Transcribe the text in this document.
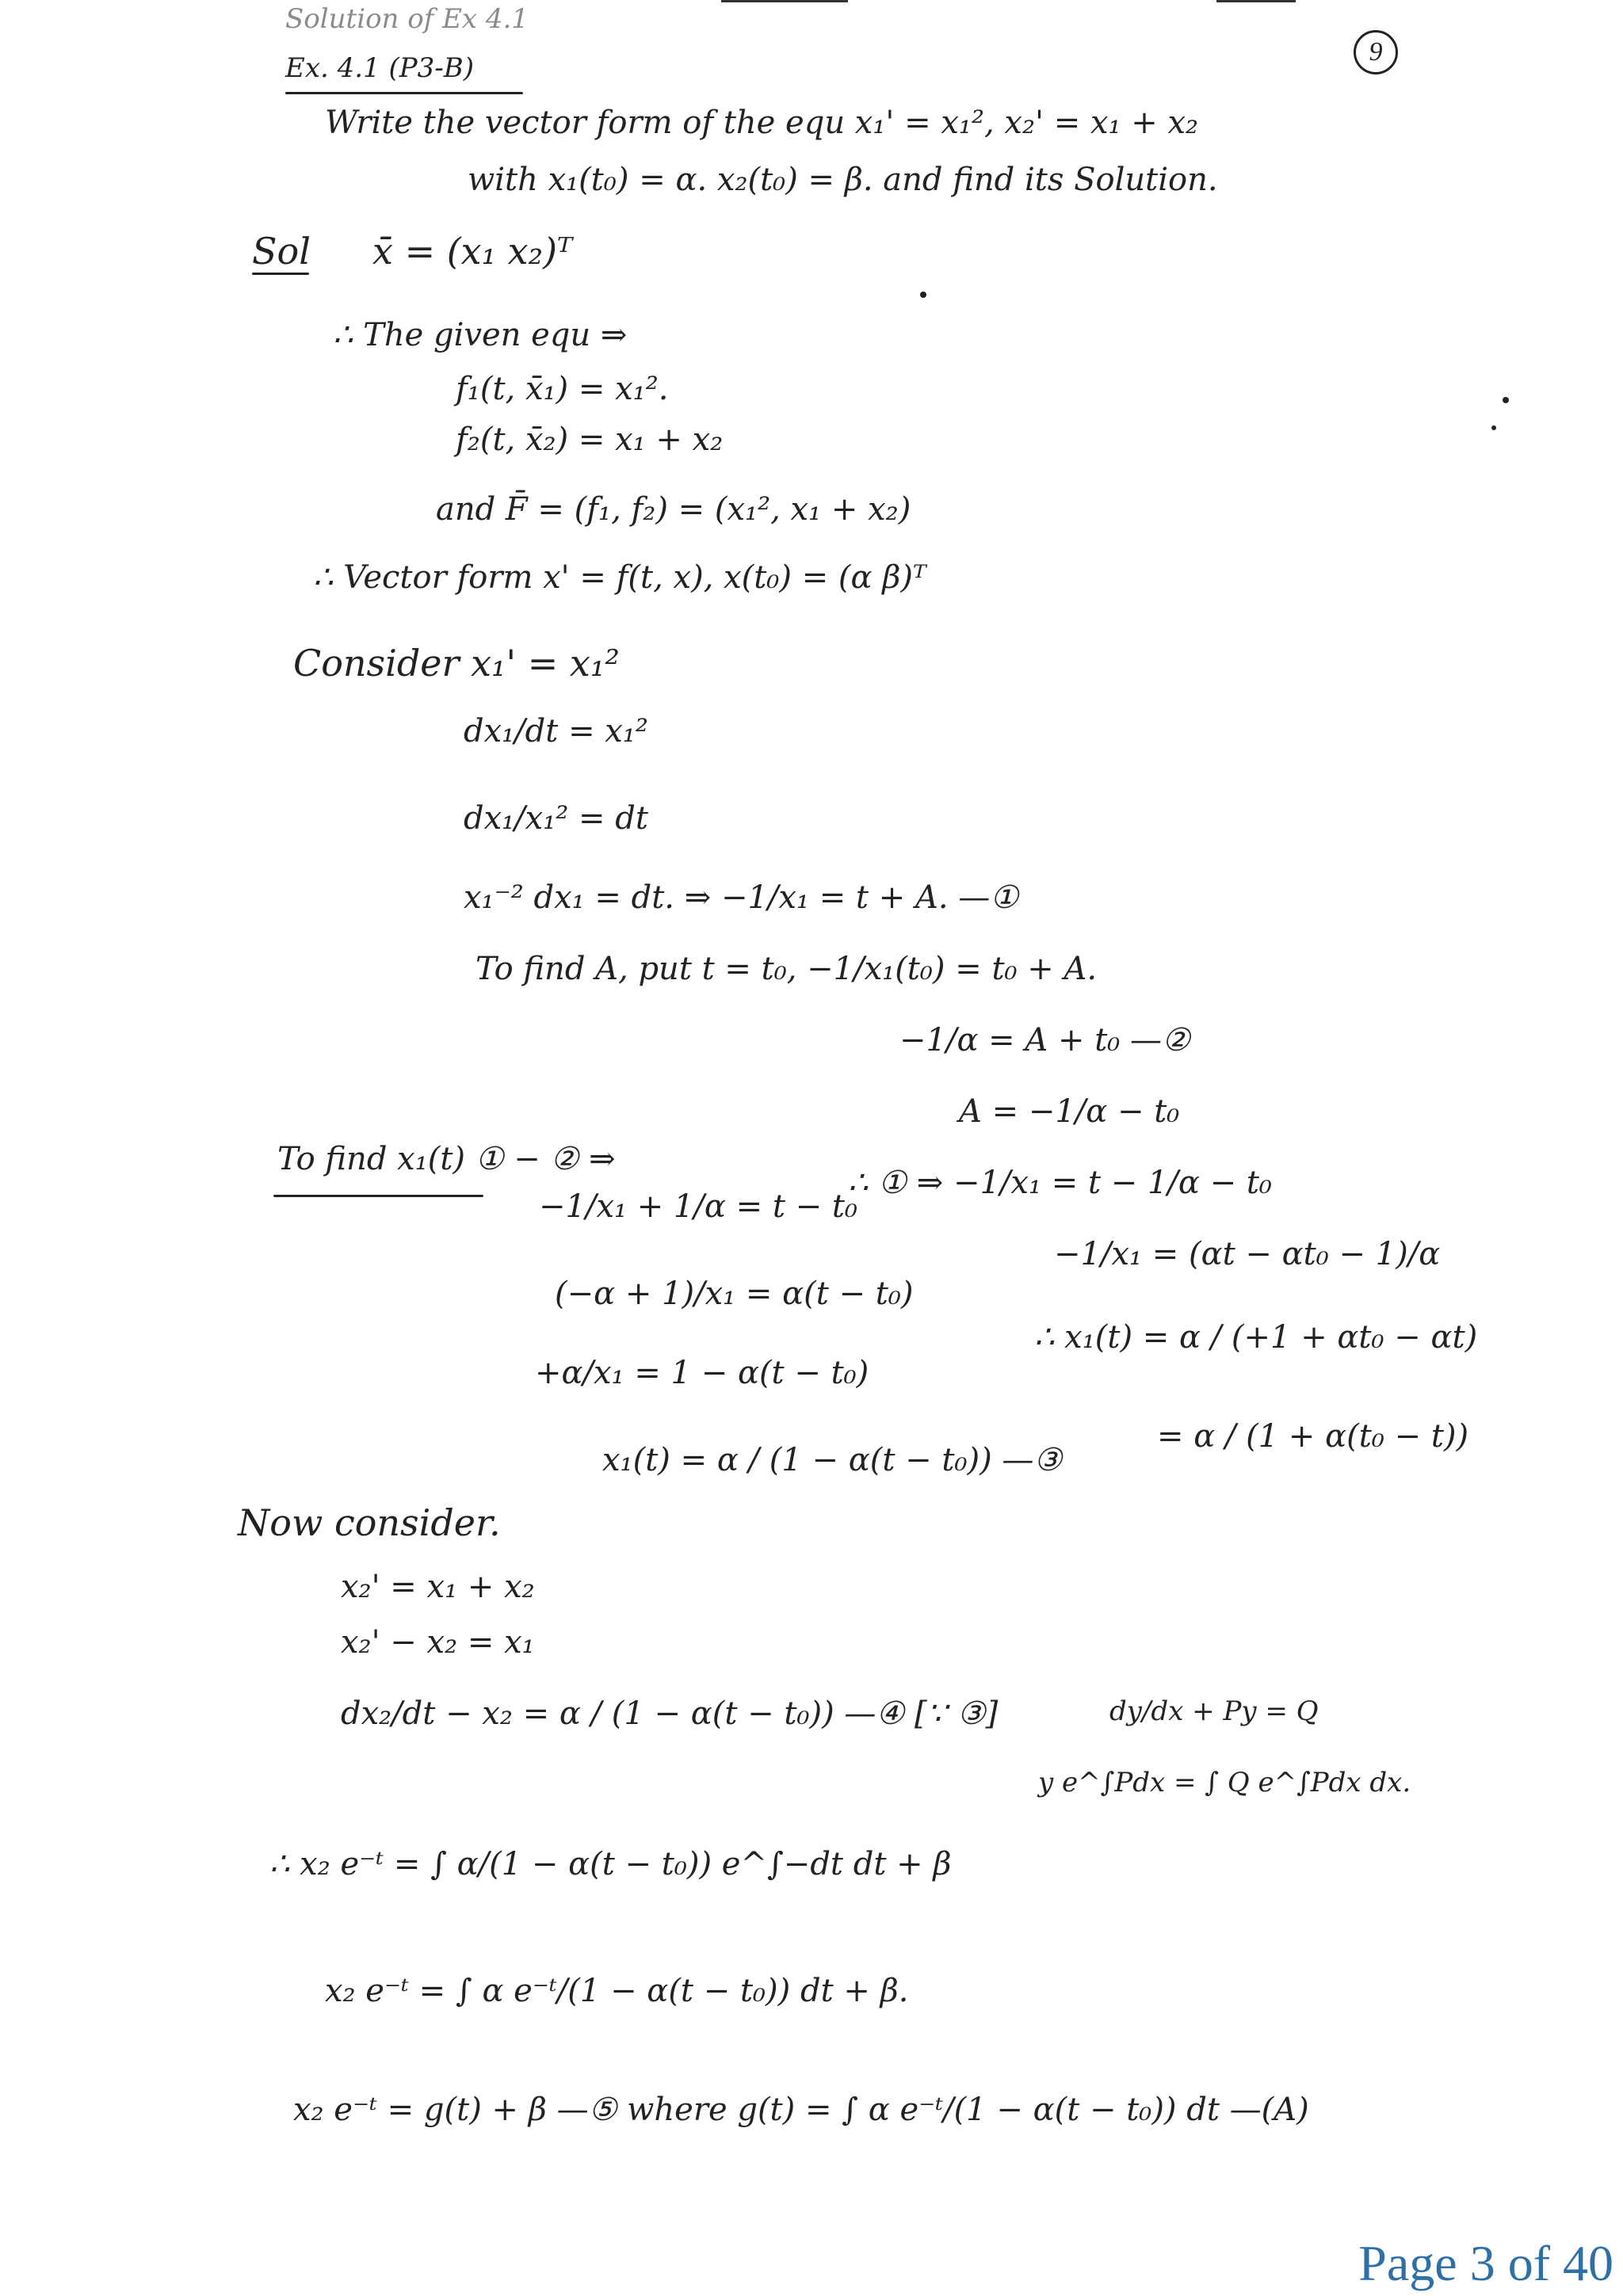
9
Solution of Ex 4.1
Ex. 4.1 (P3-B)
Write the vector form of the equ x₁' = x₁², x₂' = x₁ + x₂
with x₁(t₀) = α. x₂(t₀) = β. and find its Solution.
Sol x̄ = (x₁ x₂)ᵀ
∴ The given equ ⇒
f₁(t, x̄₁) = x₁².
f₂(t, x̄₂) = x₁ + x₂
and F̄ = (f₁, f₂) = (x₁², x₁ + x₂)
∴ Vector form x' = f(t, x), x(t₀) = (α β)ᵀ
Consider x₁' = x₁²
dx₁/dt = x₁²
dx₁/x₁² = dt
x₁⁻² dx₁ = dt. ⇒ −1/x₁ = t + A. —①
To find A, put t = t₀, −1/x₁(t₀) = t₀ + A.
−1/α = A + t₀ —②
A = −1/α − t₀
∴ ① ⇒ −1/x₁ = t − 1/α − t₀
−1/x₁ = (αt − αt₀ − 1)/α
∴ x₁(t) = α / (+1 + αt₀ − αt)
= α / (1 + α(t₀ − t))
To find x₁(t) ① − ② ⇒
−1/x₁ + 1/α = t − t₀
(−α + 1)/x₁ = α(t − t₀)
+α/x₁ = 1 − α(t − t₀)
x₁(t) = α / (1 − α(t − t₀)) —③
Now consider.
x₂' = x₁ + x₂
x₂' − x₂ = x₁
dx₂/dt − x₂ = α / (1 − α(t − t₀)) —④ [∵ ③]	dy/dx + Py = Q
y e^∫Pdx = ∫ Q e^∫Pdx dx.
∴ x₂ e⁻ᵗ = ∫ α/(1 − α(t − t₀)) e^∫−dt dt + β
x₂ e⁻ᵗ = ∫ α e⁻ᵗ/(1 − α(t − t₀)) dt + β.
x₂ e⁻ᵗ = g(t) + β —⑤ where g(t) = ∫ α e⁻ᵗ/(1 − α(t − t₀)) dt —(A)
Page 3 of 40
